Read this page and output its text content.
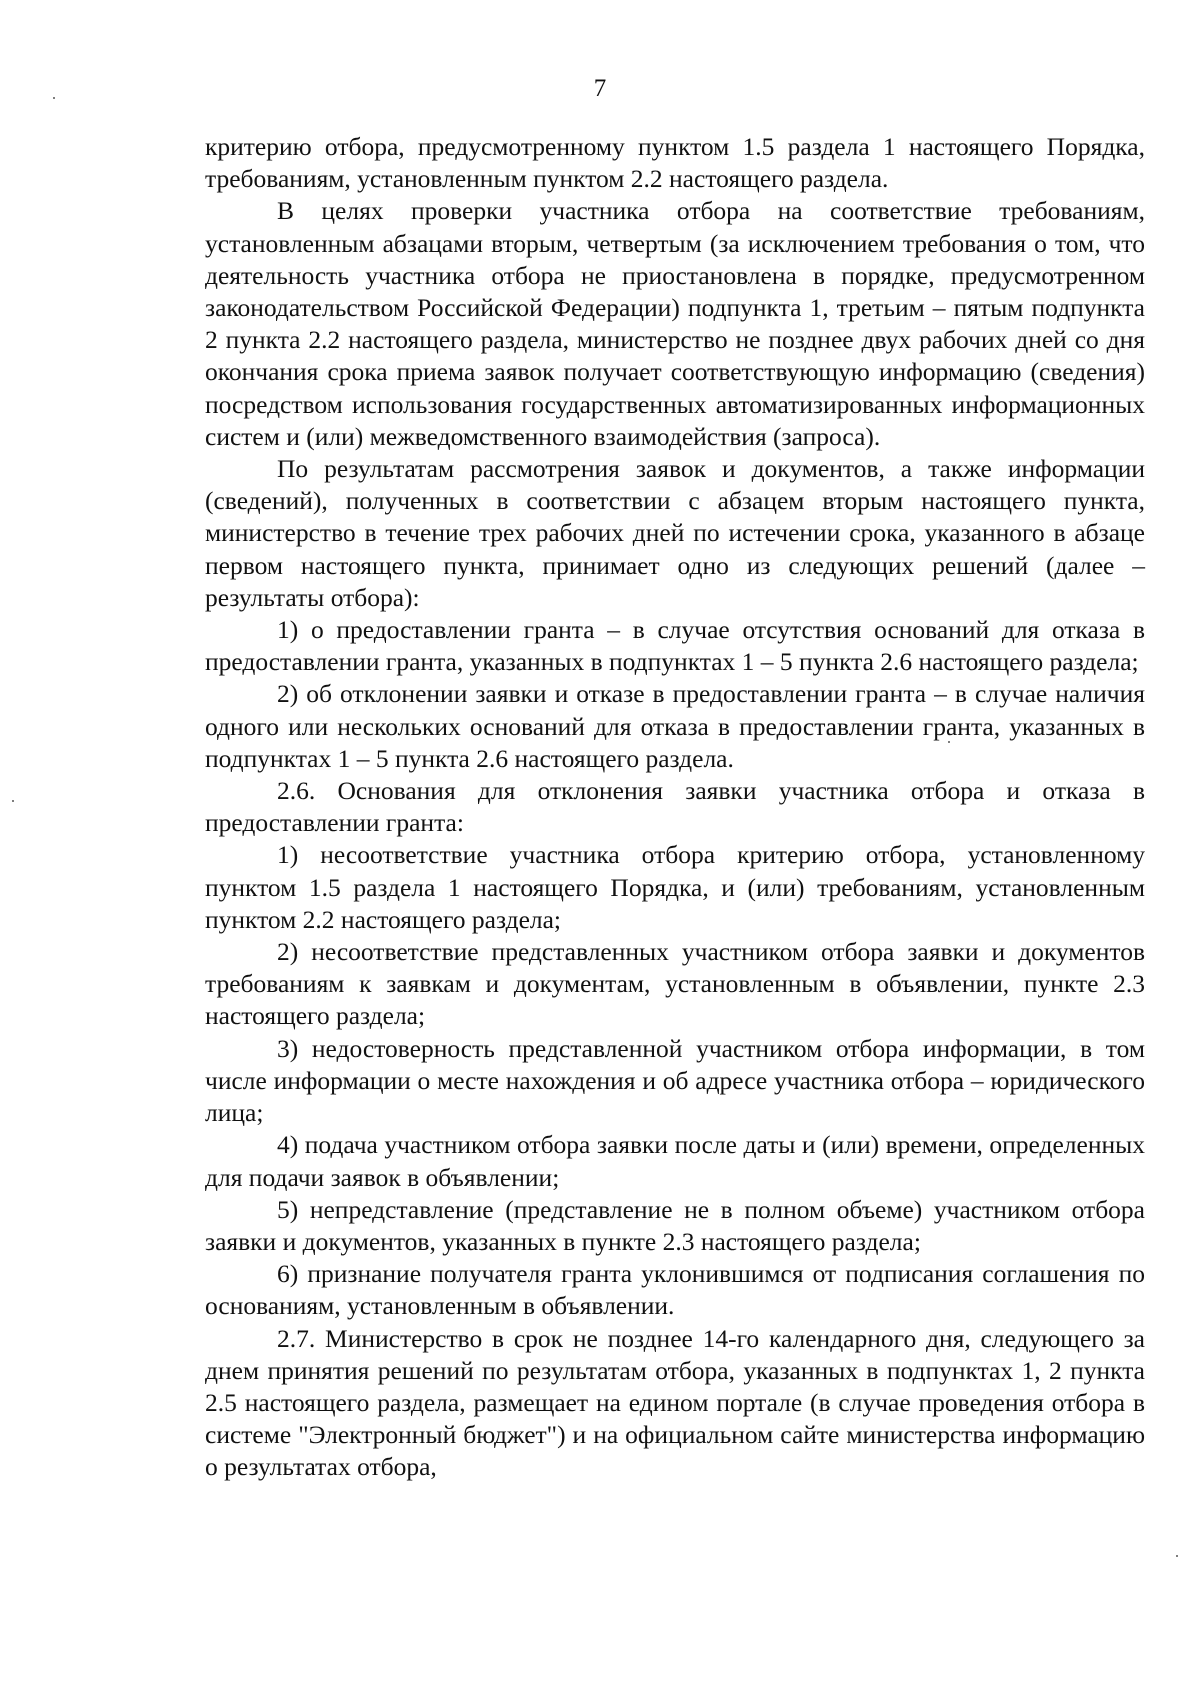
7

критерию отбора, предусмотренному пунктом 1.5 раздела 1 настоящего Порядка, требованиям, установленным пунктом 2.2 настоящего раздела.

В целях проверки участника отбора на соответствие требованиям, установленным абзацами вторым, четвертым (за исключением требования о том, что деятельность участника отбора не приостановлена в порядке, предусмотренном законодательством Российской Федерации) подпункта 1, третьим – пятым подпункта 2 пункта 2.2 настоящего раздела, министерство не позднее двух рабочих дней со дня окончания срока приема заявок получает соответствующую информацию (сведения) посредством использования государственных автоматизированных информационных систем и (или) межведомственного взаимодействия (запроса).

По результатам рассмотрения заявок и документов, а также информации (сведений), полученных в соответствии с абзацем вторым настоящего пункта, министерство в течение трех рабочих дней по истечении срока, указанного в абзаце первом настоящего пункта, принимает одно из следующих решений (далее – результаты отбора):

1) о предоставлении гранта – в случае отсутствия оснований для отказа в предоставлении гранта, указанных в подпунктах 1 – 5 пункта 2.6 настоящего раздела;

2) об отклонении заявки и отказе в предоставлении гранта – в случае наличия одного или нескольких оснований для отказа в предоставлении гранта, указанных в подпунктах 1 – 5 пункта 2.6 настоящего раздела.

2.6. Основания для отклонения заявки участника отбора и отказа в предоставлении гранта:

1) несоответствие участника отбора критерию отбора, установленному пунктом 1.5 раздела 1 настоящего Порядка, и (или) требованиям, установленным пунктом 2.2 настоящего раздела;

2) несоответствие представленных участником отбора заявки и документов требованиям к заявкам и документам, установленным в объявлении, пункте 2.3 настоящего раздела;

3) недостоверность представленной участником отбора информации, в том числе информации о месте нахождения и об адресе участника отбора – юридического лица;

4) подача участником отбора заявки после даты и (или) времени, определенных для подачи заявок в объявлении;

5) непредставление (представление не в полном объеме) участником отбора заявки и документов, указанных в пункте 2.3 настоящего раздела;

6) признание получателя гранта уклонившимся от подписания соглашения по основаниям, установленным в объявлении.

2.7. Министерство в срок не позднее 14-го календарного дня, следующего за днем принятия решений по результатам отбора, указанных в подпунктах 1, 2 пункта 2.5 настоящего раздела, размещает на едином портале (в случае проведения отбора в системе "Электронный бюджет") и на официальном сайте министерства информацию о результатах отбора,
